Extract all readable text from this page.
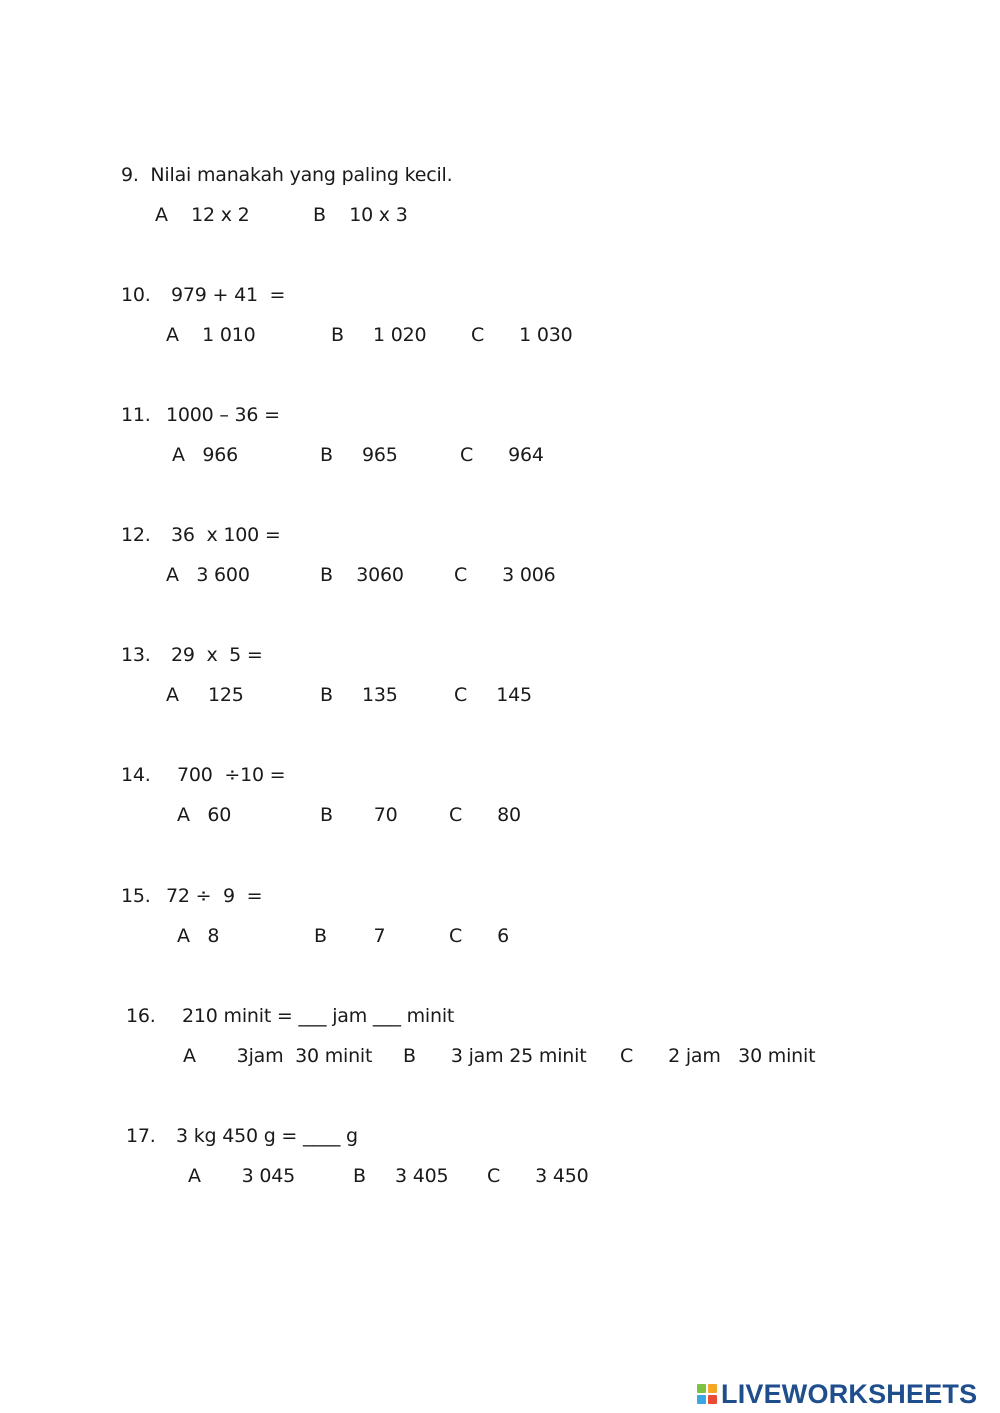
9.  Nilai manakah yang paling kecil.
A    12 x 2	B    10 x 3
10. 979 + 41  =
A    1 010	B     1 020 C      1 030
11. 1000 – 36 =
A   966	B     965	C      964
12. 36  x 100 =
A   3 600	B    3060	C      3 006
13. 29  x  5 =
A     125	B     135	C     145
14. 700  ÷10 =
A   60	B       70	C      80
15. 72 ÷  9  =
A   8	B        7	C      6
16. 210 minit = ___ jam ___ minit
A       3jam  30 minit B      3 jam 25 minit C      2 jam   30 minit
17. 3 kg 450 g = ____ g
A       3 045	B     3 405 C      3 450
LIVEWORKSHEETS
